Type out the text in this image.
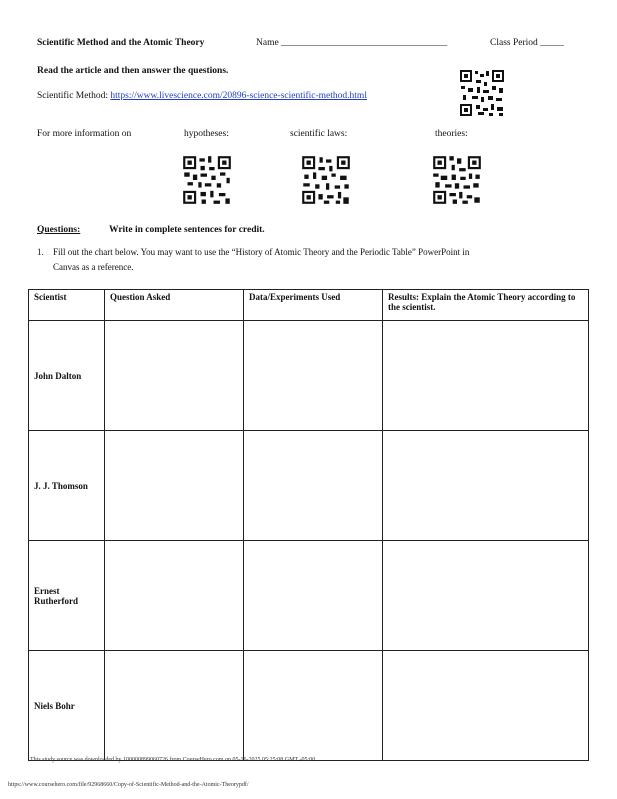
Scientific Method and the Atomic Theory	Name ___________________________________	Class Period _____
Read the article and then answer the questions.
Scientific Method: https://www.livescience.com/20896-science-scientific-method.html
For more information on	hypotheses:	scientific laws:	theories:
Questions:	Write in complete sentences for credit.
1. Fill out the chart below. You may want to use the “History of Atomic Theory and the Periodic Table” PowerPoint in
Canvas as a reference.
Scientist	Question Asked	Data/Experiments Used	Results: Explain the Atomic Theory according to the scientist.
John Dalton			
J. J. Thomson			
Ernest Rutherford			
Niels Bohr			
This study source was downloaded by 100000899060726 from CourseHero.com on 05-16-2025 05:25:08 GMT -05:00
https://www.coursehero.com/file/92968660/Copy-of-Scientific-Method-and-the-Atomic-Theorypdf/
